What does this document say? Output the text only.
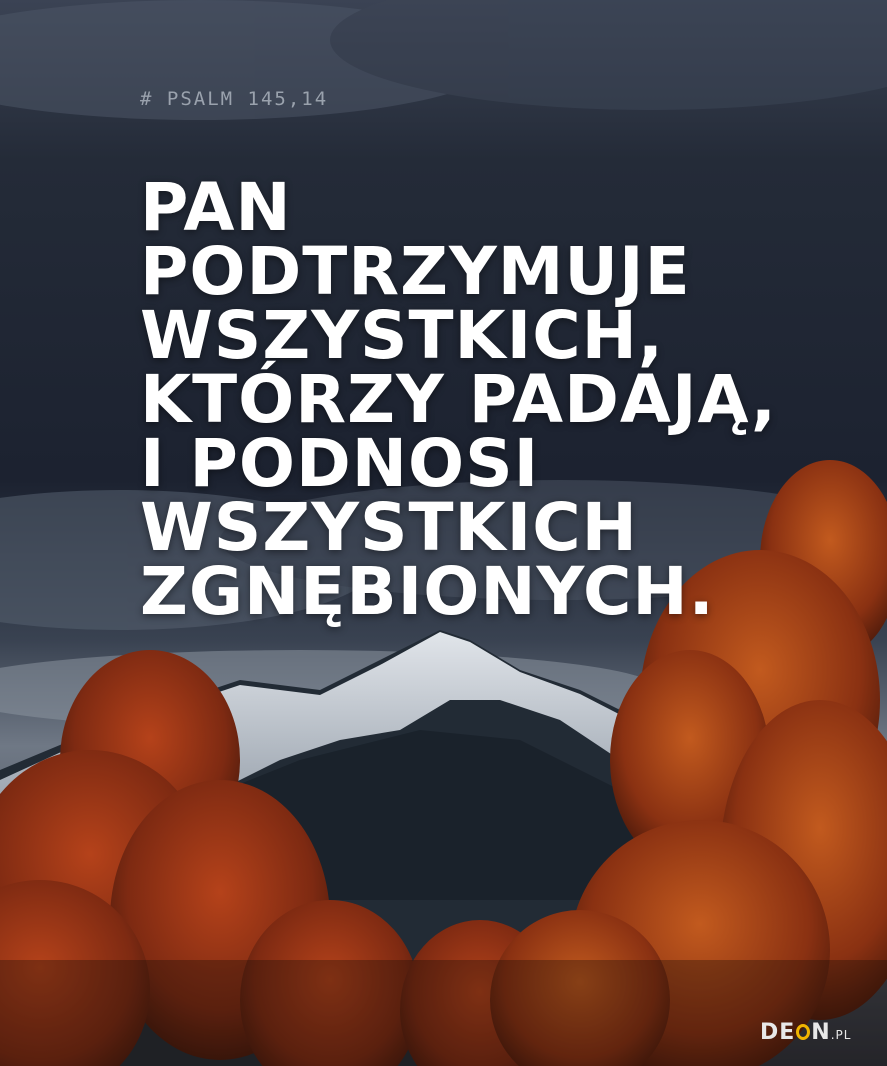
# PSALM 145,14
PAN
PODTRZYMUJE
WSZYSTKICH,
KTÓRZY PADAJĄ,
I PODNOSI
WSZYSTKICH
ZGNĘBIONYCH.
DE N.PL
